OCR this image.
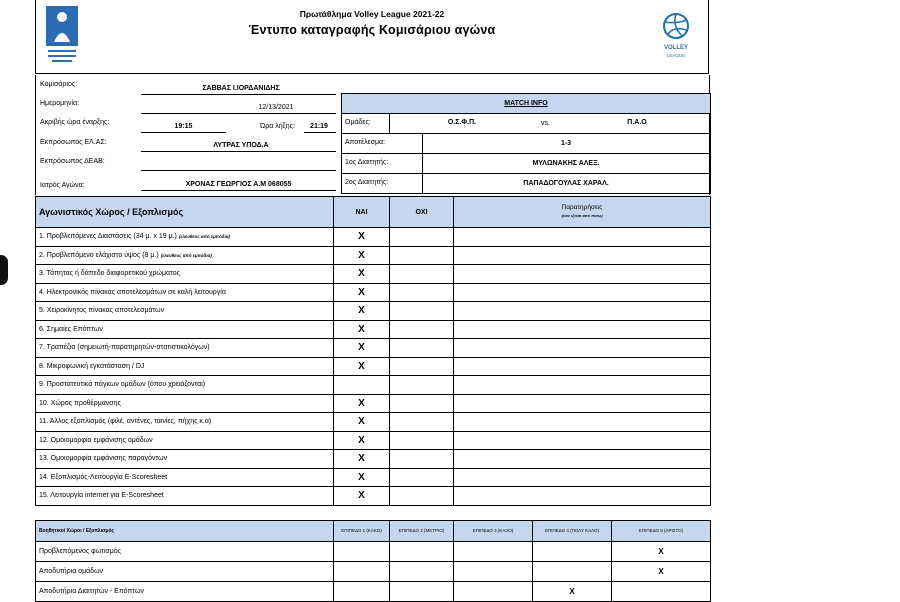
Πρωτάθλημα Volley League 2021-22
Έντυπο καταγραφής Κομισάριου αγώνα
VOLLEY
LEAGUE
Κομισάριος:
ΣΑΒΒΑΣ Ι.ΙΟΡΔΑΝΙΔΗΣ
Ημερομηνία:
12/13/2021
Ακριβής ώρα έναρξης:
19:15	Ώρα λήξης:	21:19
Εκπρόσωπος ΕΛ.ΑΣ:	ΛΥΤΡΑΣ ΥΠΟΔ.Α
Εκπρόσωπος ΔΕΑΒ:
Ιατρός Αγώνα:	ΧΡΟΝΑΣ ΓΕΩΡΓΙΟΣ Α.Μ 068055
MATCH INFO
Ομάδες:	Ο.Σ.Φ.Π.	vs.	Π.Α.Ο
Αποτέλεσμα:	1-3
1ος Διαιτητής:	ΜΥΛΩΝΑΚΗΣ ΑΛΕΞ.
2ος Διαιτητής:	ΠΑΠΑΔΟΓΟΥΛΑΣ ΧΑΡΑΛ.
Αγωνιστικός Χώρος / Εξοπλισμός	ΝΑΙ	ΟΧΙ	Παρατηρήσεις
(εινε ίζεται από πίσω)

1. Προβλεπόμενες Διαστάσεις (34 μ. x 19 μ.) (ελευθεος από εμπόδια)	X		
2. Προβλεπόμενο ελάχιστο ύψος (8 μ.) (ελευθεος από εμπόδια)	X		
3. Τάπητας ή δάπεδο διαφορετικού χρώματος	X		
4. Ηλεκτρονικός πίνακας αποτελεσμάτων σε καλή λειτουργία	X		
5. Χειροκίνητος πίνακας αποτελεσμάτων	X		
6. Σημαίες Επόπτων	X		
7. Τραπέζια (σημειωτή-παρατηρητών-στατιστικολόγων)	X		
8. Μικροφωνική εγκατάσταση / DJ	X		
9. Προστατευτικά πάγκων ομάδων (όπου χρειάζονται)			
10. Χώρος προθέρμανσης	X		
11. Άλλος εξοπλισμός (φιλέ, αντένες, ταινίες, πήχης κ.α)	X		
12. Ομοιομορφία εμφάνισης ομάδων	X		
13. Ομοιομορφία εμφάνισης παραγόντων	X		
14. Εξοπλισμός-Λειτουργία E-Scoresheet	X		
15. Λειτουργία internet για E-Scoresheet	X		
Βοηθητικοί Χώροι / Εξοπλισμός	ΕΠΙΠΕΔΟ 1 (ΚΑΚΟ)	ΕΠΙΠΕΔΟ 2 (ΜΕΤΡΙΟ)	ΕΠΙΠΕΔΟ 3 (ΚΑΛΟ)	ΕΠΙΠΕΔΟ 4 (ΠΟΛΥ ΚΑΛΟ)	ΕΠΙΠΕΔΟ 5 (ΑΡΙΣΤΟ)
Προβλεπόμενος φωτισμός					X
Αποδυτήρια ομάδων					X
Αποδυτήρια Διαιτητών - Επόπτων				X	
